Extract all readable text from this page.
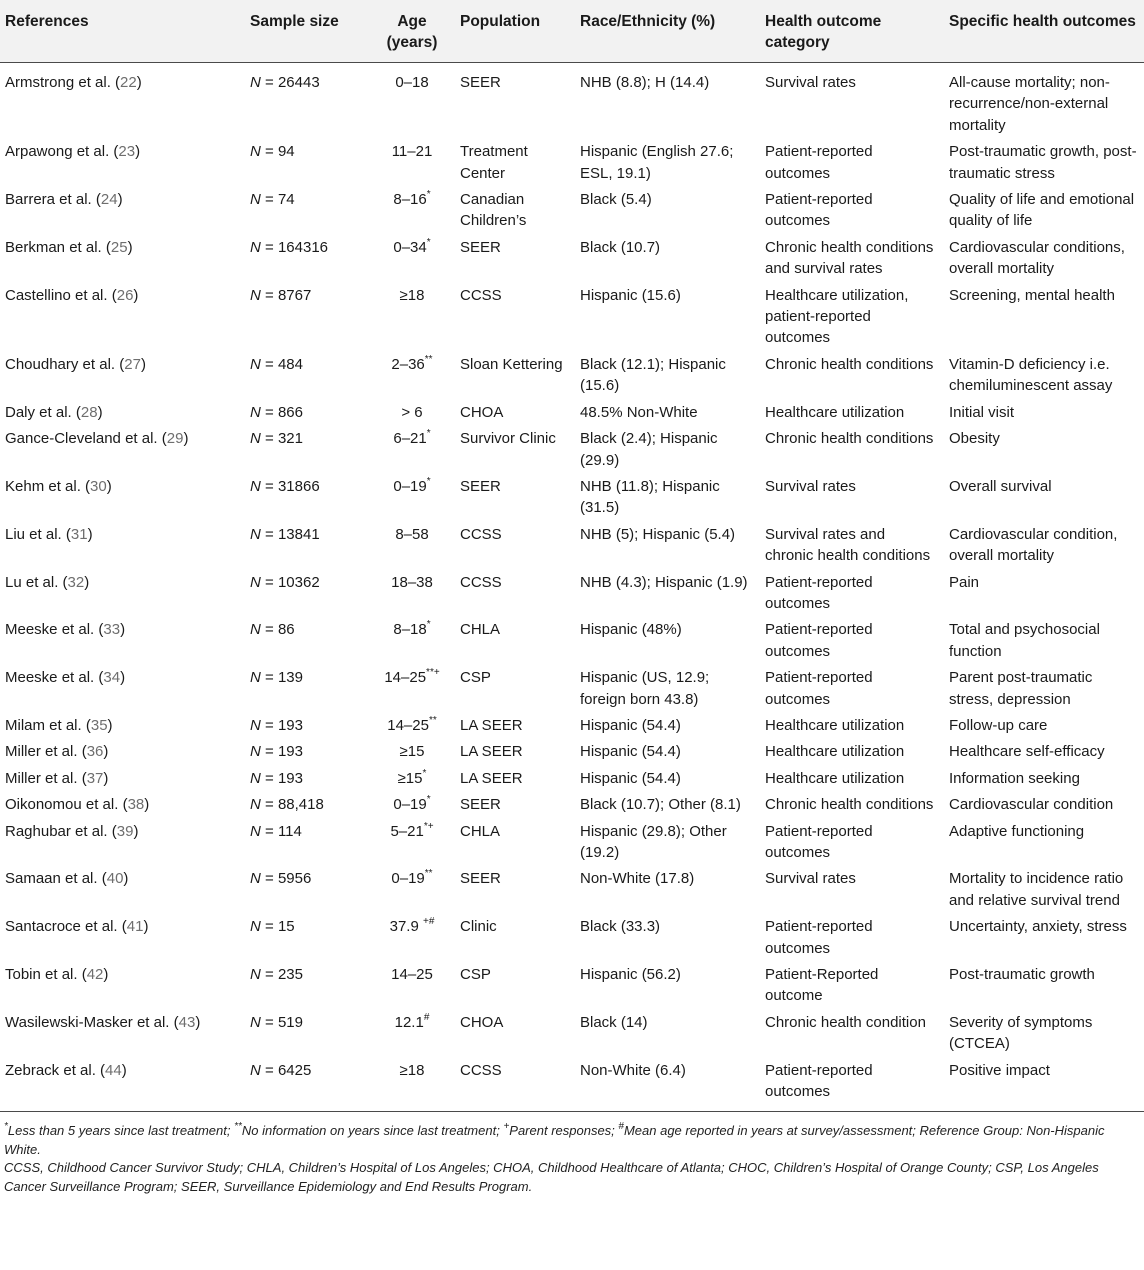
References	Sample size	Age (years)	Population	Race/Ethnicity (%)	Health outcome category	Specific health outcomes
Armstrong et al. (22)	N = 26443	0–18	SEER	NHB (8.8); H (14.4)	Survival rates	All-cause mortality; non-recurrence/non-external mortality
Arpawong et al. (23)	N = 94	11–21	Treatment Center	Hispanic (English 27.6; ESL, 19.1)	Patient-reported outcomes	Post-traumatic growth, post-traumatic stress
Barrera et al. (24)	N = 74	8–16*	Canadian Children’s	Black (5.4)	Patient-reported outcomes	Quality of life and emotional quality of life
Berkman et al. (25)	N = 164316	0–34*	SEER	Black (10.7)	Chronic health conditions and survival rates	Cardiovascular conditions, overall mortality
Castellino et al. (26)	N = 8767	≥18	CCSS	Hispanic (15.6)	Healthcare utilization, patient-reported outcomes	Screening, mental health
Choudhary et al. (27)	N = 484	2–36**	Sloan Kettering	Black (12.1); Hispanic (15.6)	Chronic health conditions	Vitamin-D deficiency i.e. chemiluminescent assay
Daly et al. (28)	N = 866	> 6	CHOA	48.5% Non-White	Healthcare utilization	Initial visit
Gance-Cleveland et al. (29)	N = 321	6–21*	Survivor Clinic	Black (2.4); Hispanic (29.9)	Chronic health conditions	Obesity
Kehm et al. (30)	N = 31866	0–19*	SEER	NHB (11.8); Hispanic (31.5)	Survival rates	Overall survival
Liu et al. (31)	N = 13841	8–58	CCSS	NHB (5); Hispanic (5.4)	Survival rates and chronic health conditions	Cardiovascular condition, overall mortality
Lu et al. (32)	N = 10362	18–38	CCSS	NHB (4.3); Hispanic (1.9)	Patient-reported outcomes	Pain
Meeske et al. (33)	N = 86	8–18*	CHLA	Hispanic (48%)	Patient-reported outcomes	Total and psychosocial function
Meeske et al. (34)	N = 139	14–25**+	CSP	Hispanic (US, 12.9; foreign born 43.8)	Patient-reported outcomes	Parent post-traumatic stress, depression
Milam et al. (35)	N = 193	14–25**	LA SEER	Hispanic (54.4)	Healthcare utilization	Follow-up care
Miller et al. (36)	N = 193	≥15	LA SEER	Hispanic (54.4)	Healthcare utilization	Healthcare self-efficacy
Miller et al. (37)	N = 193	≥15*	LA SEER	Hispanic (54.4)	Healthcare utilization	Information seeking
Oikonomou et al. (38)	N = 88,418	0–19*	SEER	Black (10.7); Other (8.1)	Chronic health conditions	Cardiovascular condition
Raghubar et al. (39)	N = 114	5–21*+	CHLA	Hispanic (29.8); Other (19.2)	Patient-reported outcomes	Adaptive functioning
Samaan et al. (40)	N = 5956	0–19**	SEER	Non-White (17.8)	Survival rates	Mortality to incidence ratio and relative survival trend
Santacroce et al. (41)	N = 15	37.9 +#	Clinic	Black (33.3)	Patient-reported outcomes	Uncertainty, anxiety, stress
Tobin et al. (42)	N = 235	14–25	CSP	Hispanic (56.2)	Patient-Reported outcome	Post-traumatic growth
Wasilewski-Masker et al. (43)	N = 519	12.1#	CHOA	Black (14)	Chronic health condition	Severity of symptoms (CTCEA)
Zebrack et al. (44)	N = 6425	≥18	CCSS	Non-White (6.4)	Patient-reported outcomes	Positive impact

*Less than 5 years since last treatment; **No information on years since last treatment; +Parent responses; #Mean age reported in years at survey/assessment; Reference Group: Non-Hispanic White.

CCSS, Childhood Cancer Survivor Study; CHLA, Children’s Hospital of Los Angeles; CHOA, Childhood Healthcare of Atlanta; CHOC, Children’s Hospital of Orange County; CSP, Los Angeles Cancer Surveillance Program; SEER, Surveillance Epidemiology and End Results Program.
